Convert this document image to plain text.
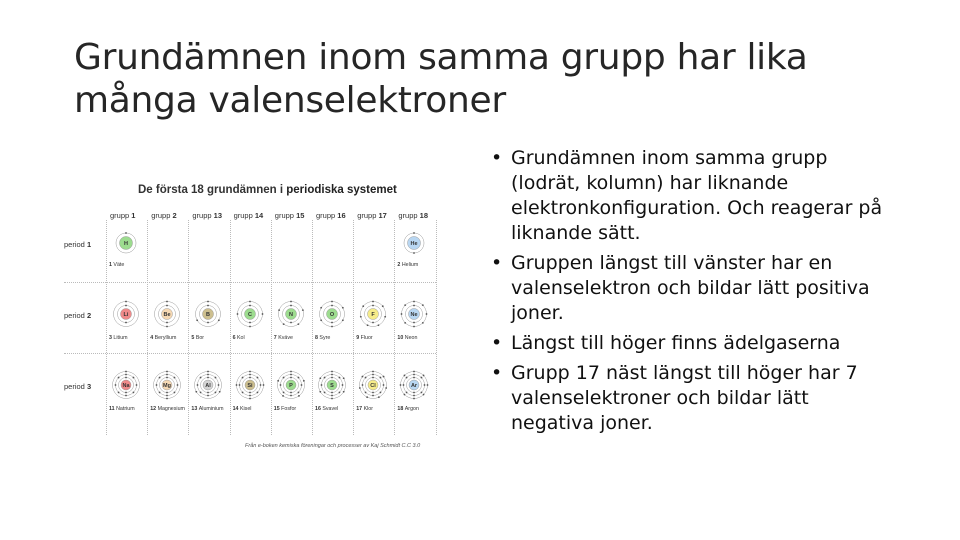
Grundämnen inom samma grupp har lika
många valenselektroner
• Grundämnen inom samma grupp (lodrät, kolumn) har liknande elektronkonfiguration. Och reagerar på liknande sätt.
• Gruppen längst till vänster har en valenselektron och bildar lätt positiva joner.
• Längst till höger finns ädelgaserna
• Grupp 17 näst längst till höger har 7 valenselektroner och bildar lätt negativa joner.
De första 18 grundämnen i periodiska systemet
Från e-boken kemiska föreningar och processer av Kaj Schmidt C.C 3.0
grupp 1 grupp 2 grupp 13 grupp 14 grupp 15 grupp 16 grupp 17 grupp 18
period 1
period 2
period 3
H
1 Väte
He
2 Helium
Li
3 Litium
Be
4 Beryllium
B
5 Bor
C
6 Kol
N
7 Kväve
O
8 Syre
F
9 Fluor
Ne
10 Neon
Na
11 Natrium
Mg
12 Magnesium
Al
13 Aluminium
Si
14 Kisel
P
15 Fosfor
S
16 Svavel
Cl
17 Klor
Ar
18 Argon
